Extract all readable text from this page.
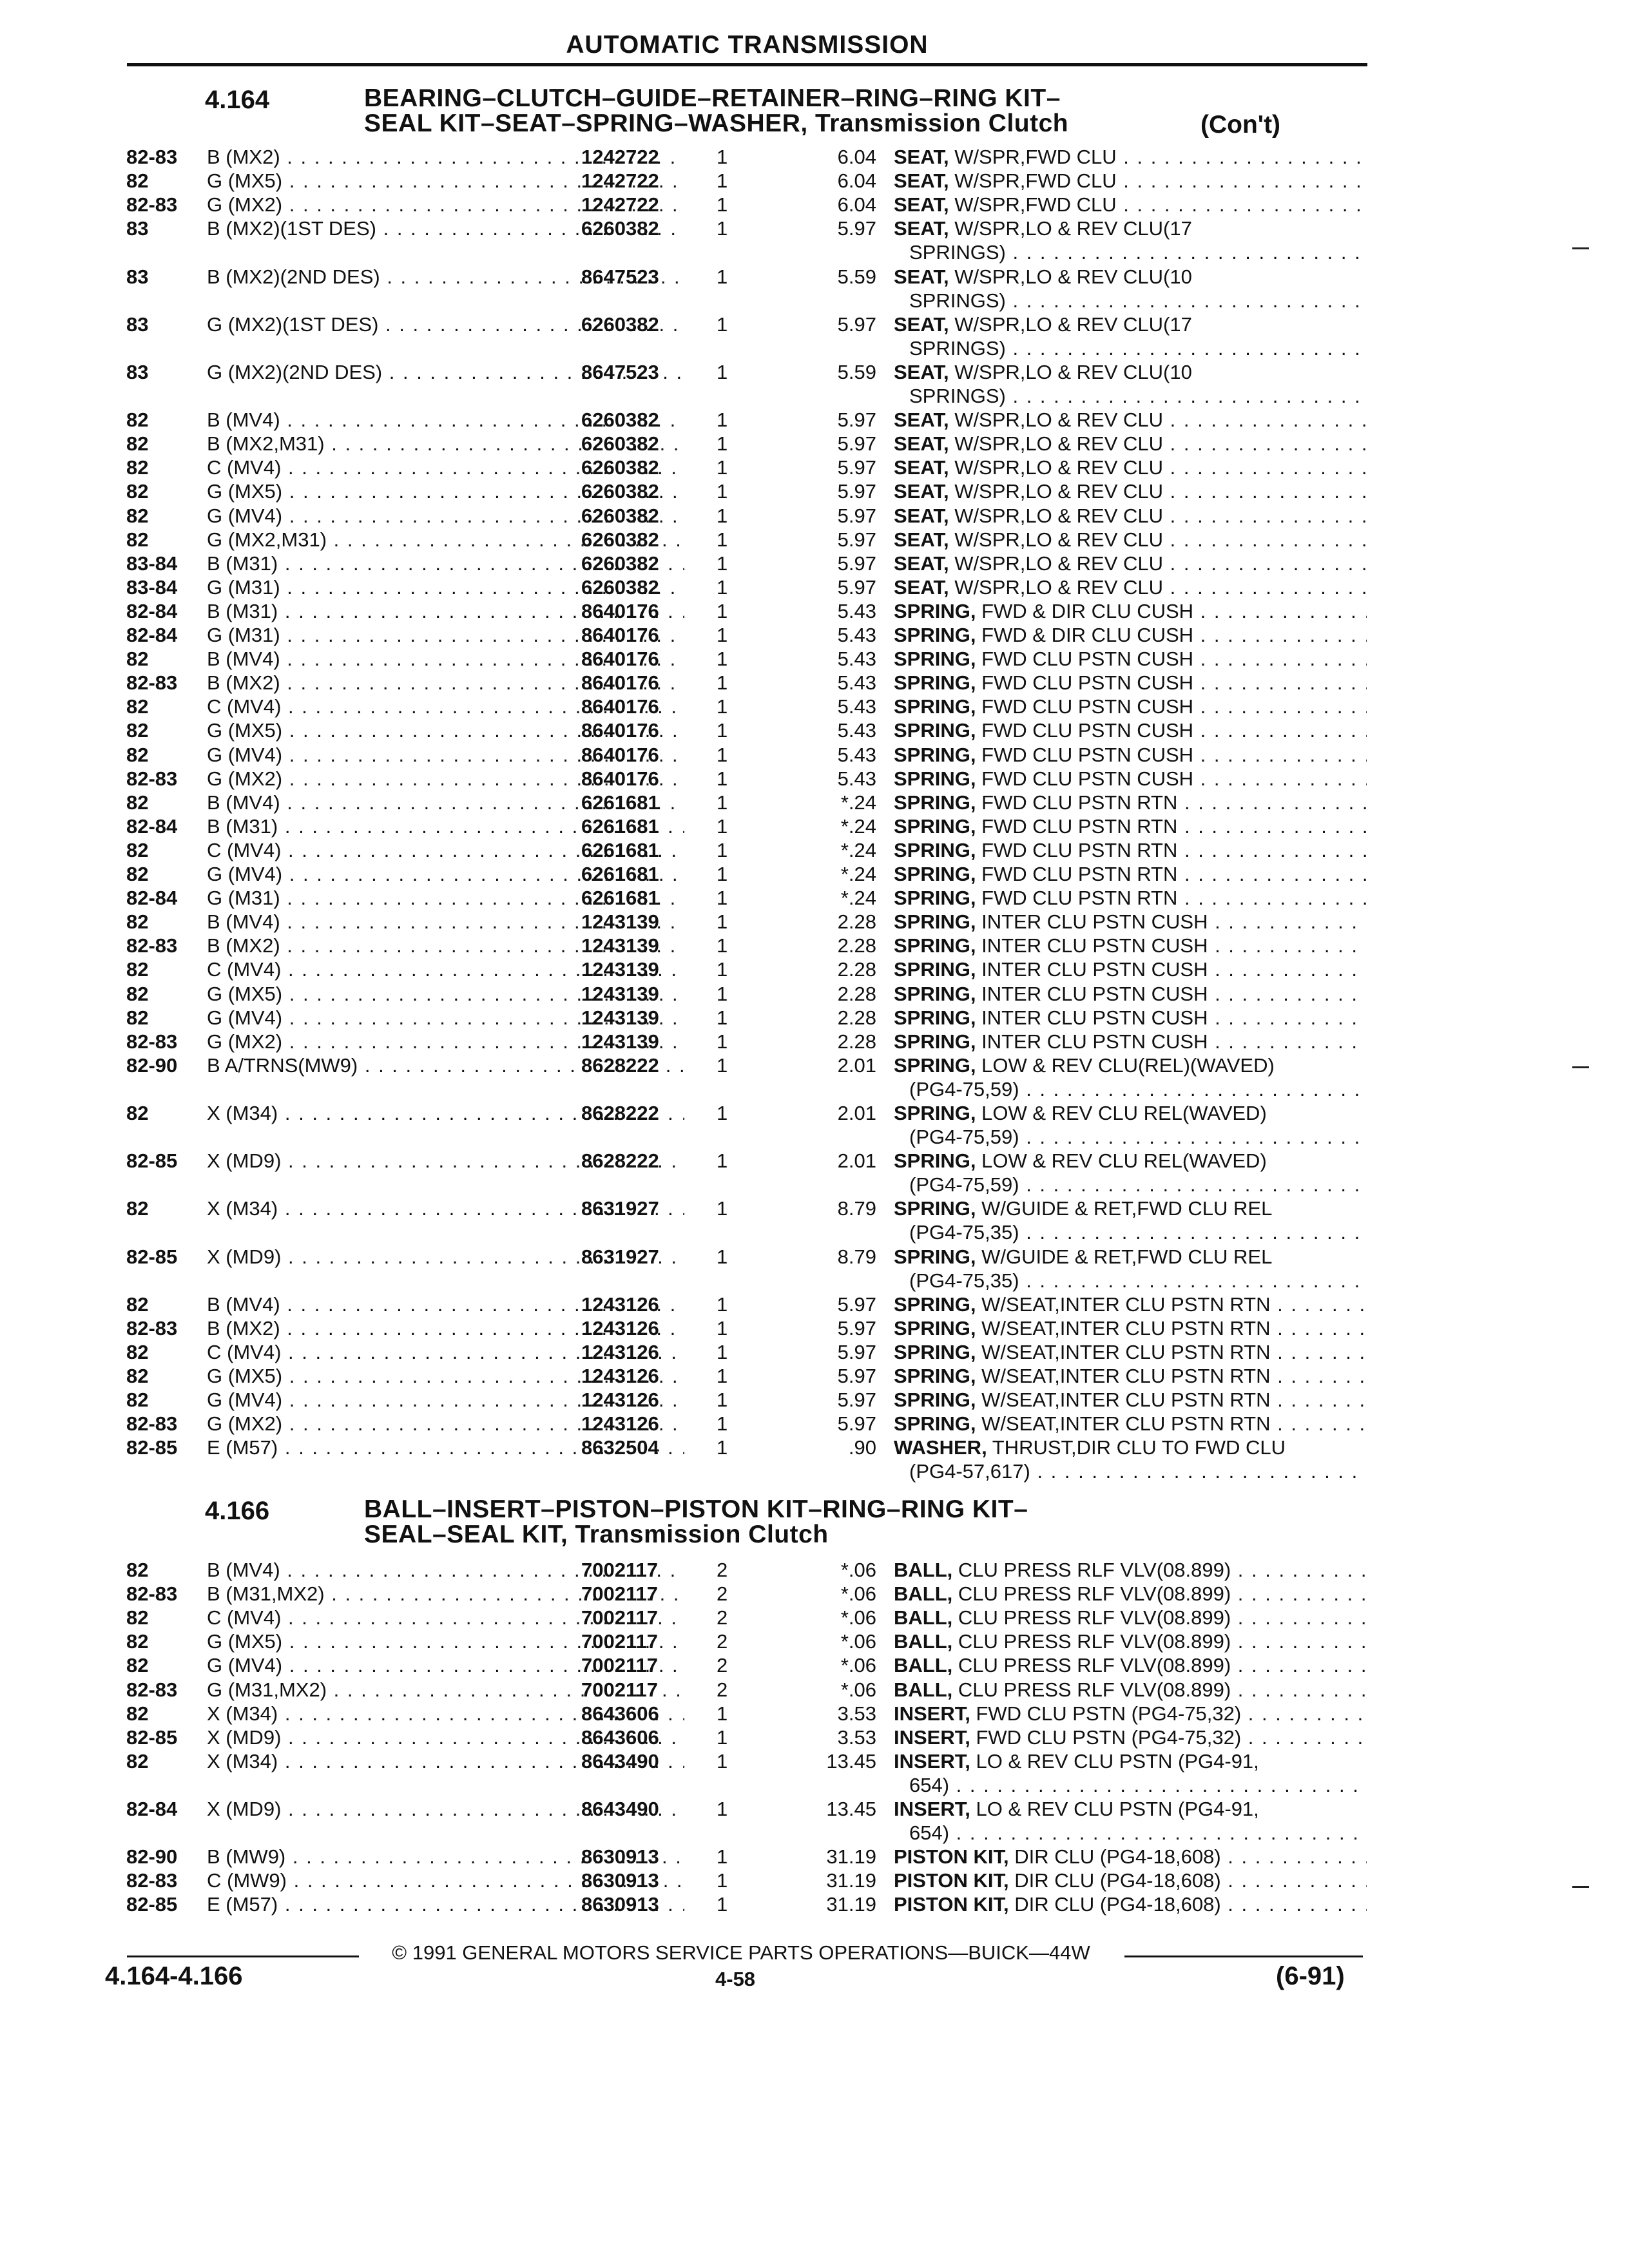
AUTOMATIC TRANSMISSION
4.164	BEARING–CLUTCH–GUIDE–RETAINER–RING–RING KIT–
SEAL KIT–SEAT–SPRING–WASHER, Transmission Clutch	(Con't)
82-83 B (MX2) . . .	1242722	1	6.04 SEAT, W/SPR,FWD CLU . . .
82	G (MX5) . . .	1242722	1	6.04 SEAT, W/SPR,FWD CLU . . .
82-83 G (MX2) . . .	1242722	1	6.04 SEAT, W/SPR,FWD CLU . . .
83	B (MX2)(1ST DES) . . .	6260382	1	5.97 SEAT, W/SPR,LO & REV CLU(17
SPRINGS) . . .
83	B (MX2)(2ND DES) . . .	8647523	1	5.59 SEAT, W/SPR,LO & REV CLU(10
SPRINGS) . . .
83	G (MX2)(1ST DES) . . .	6260382	1	5.97 SEAT, W/SPR,LO & REV CLU(17
SPRINGS) . . .
83	G (MX2)(2ND DES) . . .	8647523	1	5.59 SEAT, W/SPR,LO & REV CLU(10
SPRINGS) . . .
82	B (MV4) . . .	6260382	1	5.97 SEAT, W/SPR,LO & REV CLU . . .
82	B (MX2,M31) . . .	6260382	1	5.97 SEAT, W/SPR,LO & REV CLU . . .
82	C (MV4) . . .	6260382	1	5.97 SEAT, W/SPR,LO & REV CLU . . .
82	G (MX5) . . .	6260382	1	5.97 SEAT, W/SPR,LO & REV CLU . . .
82	G (MV4) . . .	6260382	1	5.97 SEAT, W/SPR,LO & REV CLU . . .
82	G (MX2,M31) . . .	6260382	1	5.97 SEAT, W/SPR,LO & REV CLU . . .
83-84 B (M31) . . .	6260382	1	5.97 SEAT, W/SPR,LO & REV CLU . . .
83-84 G (M31) . . .	6260382	1	5.97 SEAT, W/SPR,LO & REV CLU . . .
82-84 B (M31) . . .	8640176	1	5.43 SPRING, FWD & DIR CLU CUSH . . .
82-84 G (M31) . . .	8640176	1	5.43 SPRING, FWD & DIR CLU CUSH . . .
82	B (MV4) . . .	8640176	1	5.43 SPRING, FWD CLU PSTN CUSH . . .
82-83 B (MX2) . . .	8640176	1	5.43 SPRING, FWD CLU PSTN CUSH . . .
82	C (MV4) . . .	8640176	1	5.43 SPRING, FWD CLU PSTN CUSH . . .
82	G (MX5) . . .	8640176	1	5.43 SPRING, FWD CLU PSTN CUSH . . .
82	G (MV4) . . .	8640176	1	5.43 SPRING, FWD CLU PSTN CUSH . . .
82-83 G (MX2) . . .	8640176	1	5.43 SPRING, FWD CLU PSTN CUSH . . .
82	B (MV4) . . .	6261681	1	*.24 SPRING, FWD CLU PSTN RTN . . .
82-84 B (M31) . . .	6261681	1	*.24 SPRING, FWD CLU PSTN RTN . . .
82	C (MV4) . . .	6261681	1	*.24 SPRING, FWD CLU PSTN RTN . . .
82	G (MV4) . . .	6261681	1	*.24 SPRING, FWD CLU PSTN RTN . . .
82-84 G (M31) . . .	6261681	1	*.24 SPRING, FWD CLU PSTN RTN . . .
82	B (MV4) . . .	1243139	1	2.28 SPRING, INTER CLU PSTN CUSH . . .
82-83 B (MX2) . . .	1243139	1	2.28 SPRING, INTER CLU PSTN CUSH . . .
82	C (MV4) . . .	1243139	1	2.28 SPRING, INTER CLU PSTN CUSH . . .
82	G (MX5) . . .	1243139	1	2.28 SPRING, INTER CLU PSTN CUSH . . .
82	G (MV4) . . .	1243139	1	2.28 SPRING, INTER CLU PSTN CUSH . . .
82-83 G (MX2) . . .	1243139	1	2.28 SPRING, INTER CLU PSTN CUSH . . .
82-90 B A/TRNS(MW9) . . .	8628222	1	2.01 SPRING, LOW & REV CLU(REL)(WAVED)
(PG4-75,59) . . .
82	X (M34) . . .	8628222	1	2.01 SPRING, LOW & REV CLU REL(WAVED)
(PG4-75,59) . . .
82-85 X (MD9) . . .	8628222	1	2.01 SPRING, LOW & REV CLU REL(WAVED)
(PG4-75,59) . . .
82	X (M34) . . .	8631927	1	8.79 SPRING, W/GUIDE & RET,FWD CLU REL
(PG4-75,35) . . .
82-85 X (MD9) . . .	8631927	1	8.79 SPRING, W/GUIDE & RET,FWD CLU REL
(PG4-75,35) . . .
82	B (MV4) . . .	1243126	1	5.97 SPRING, W/SEAT,INTER CLU PSTN RTN . . .
82-83 B (MX2) . . .	1243126	1	5.97 SPRING, W/SEAT,INTER CLU PSTN RTN . . .
82	C (MV4) . . .	1243126	1	5.97 SPRING, W/SEAT,INTER CLU PSTN RTN . . .
82	G (MX5) . . .	1243126	1	5.97 SPRING, W/SEAT,INTER CLU PSTN RTN . . .
82	G (MV4) . . .	1243126	1	5.97 SPRING, W/SEAT,INTER CLU PSTN RTN . . .
82-83 G (MX2) . . .	1243126	1	5.97 SPRING, W/SEAT,INTER CLU PSTN RTN . . .
82-85 E (M57) . . .	8632504	1	.90 WASHER, THRUST,DIR CLU TO FWD CLU
(PG4-57,617) . . .
4.166	BALL–INSERT–PISTON–PISTON KIT–RING–RING KIT–
SEAL–SEAL KIT, Transmission Clutch
82	B (MV4) . . .	7002117	2	*.06 BALL, CLU PRESS RLF VLV(08.899) . . .
82-83 B (M31,MX2) . . .	7002117	2	*.06 BALL, CLU PRESS RLF VLV(08.899) . . .
82	C (MV4) . . .	7002117	2	*.06 BALL, CLU PRESS RLF VLV(08.899) . . .
82	G (MX5) . . .	7002117	2	*.06 BALL, CLU PRESS RLF VLV(08.899) . . .
82	G (MV4) . . .	7002117	2	*.06 BALL, CLU PRESS RLF VLV(08.899) . . .
82-83 G (M31,MX2) . . .	7002117	2	*.06 BALL, CLU PRESS RLF VLV(08.899) . . .
82	X (M34) . . .	8643606	1	3.53 INSERT, FWD CLU PSTN (PG4-75,32) . . .
82-85 X (MD9) . . .	8643606	1	3.53 INSERT, FWD CLU PSTN (PG4-75,32) . . .
82	X (M34) . . .	8643490	1	13.45 INSERT, LO & REV CLU PSTN (PG4-91,
654) . . .
82-84 X (MD9) . . .	8643490	1	13.45 INSERT, LO & REV CLU PSTN (PG4-91,
654) . . .
82-90 B (MW9) . . .	8630913	1	31.19 PISTON KIT, DIR CLU (PG4-18,608) . . .
82-83 C (MW9) . . .	8630913	1	31.19 PISTON KIT, DIR CLU (PG4-18,608) . . .
82-85 E (M57) . . .	8630913	1	31.19 PISTON KIT, DIR CLU (PG4-18,608) . . .
© 1991 GENERAL MOTORS SERVICE PARTS OPERATIONS—BUICK—44W
4.164-4.166	4-58	(6-91)
